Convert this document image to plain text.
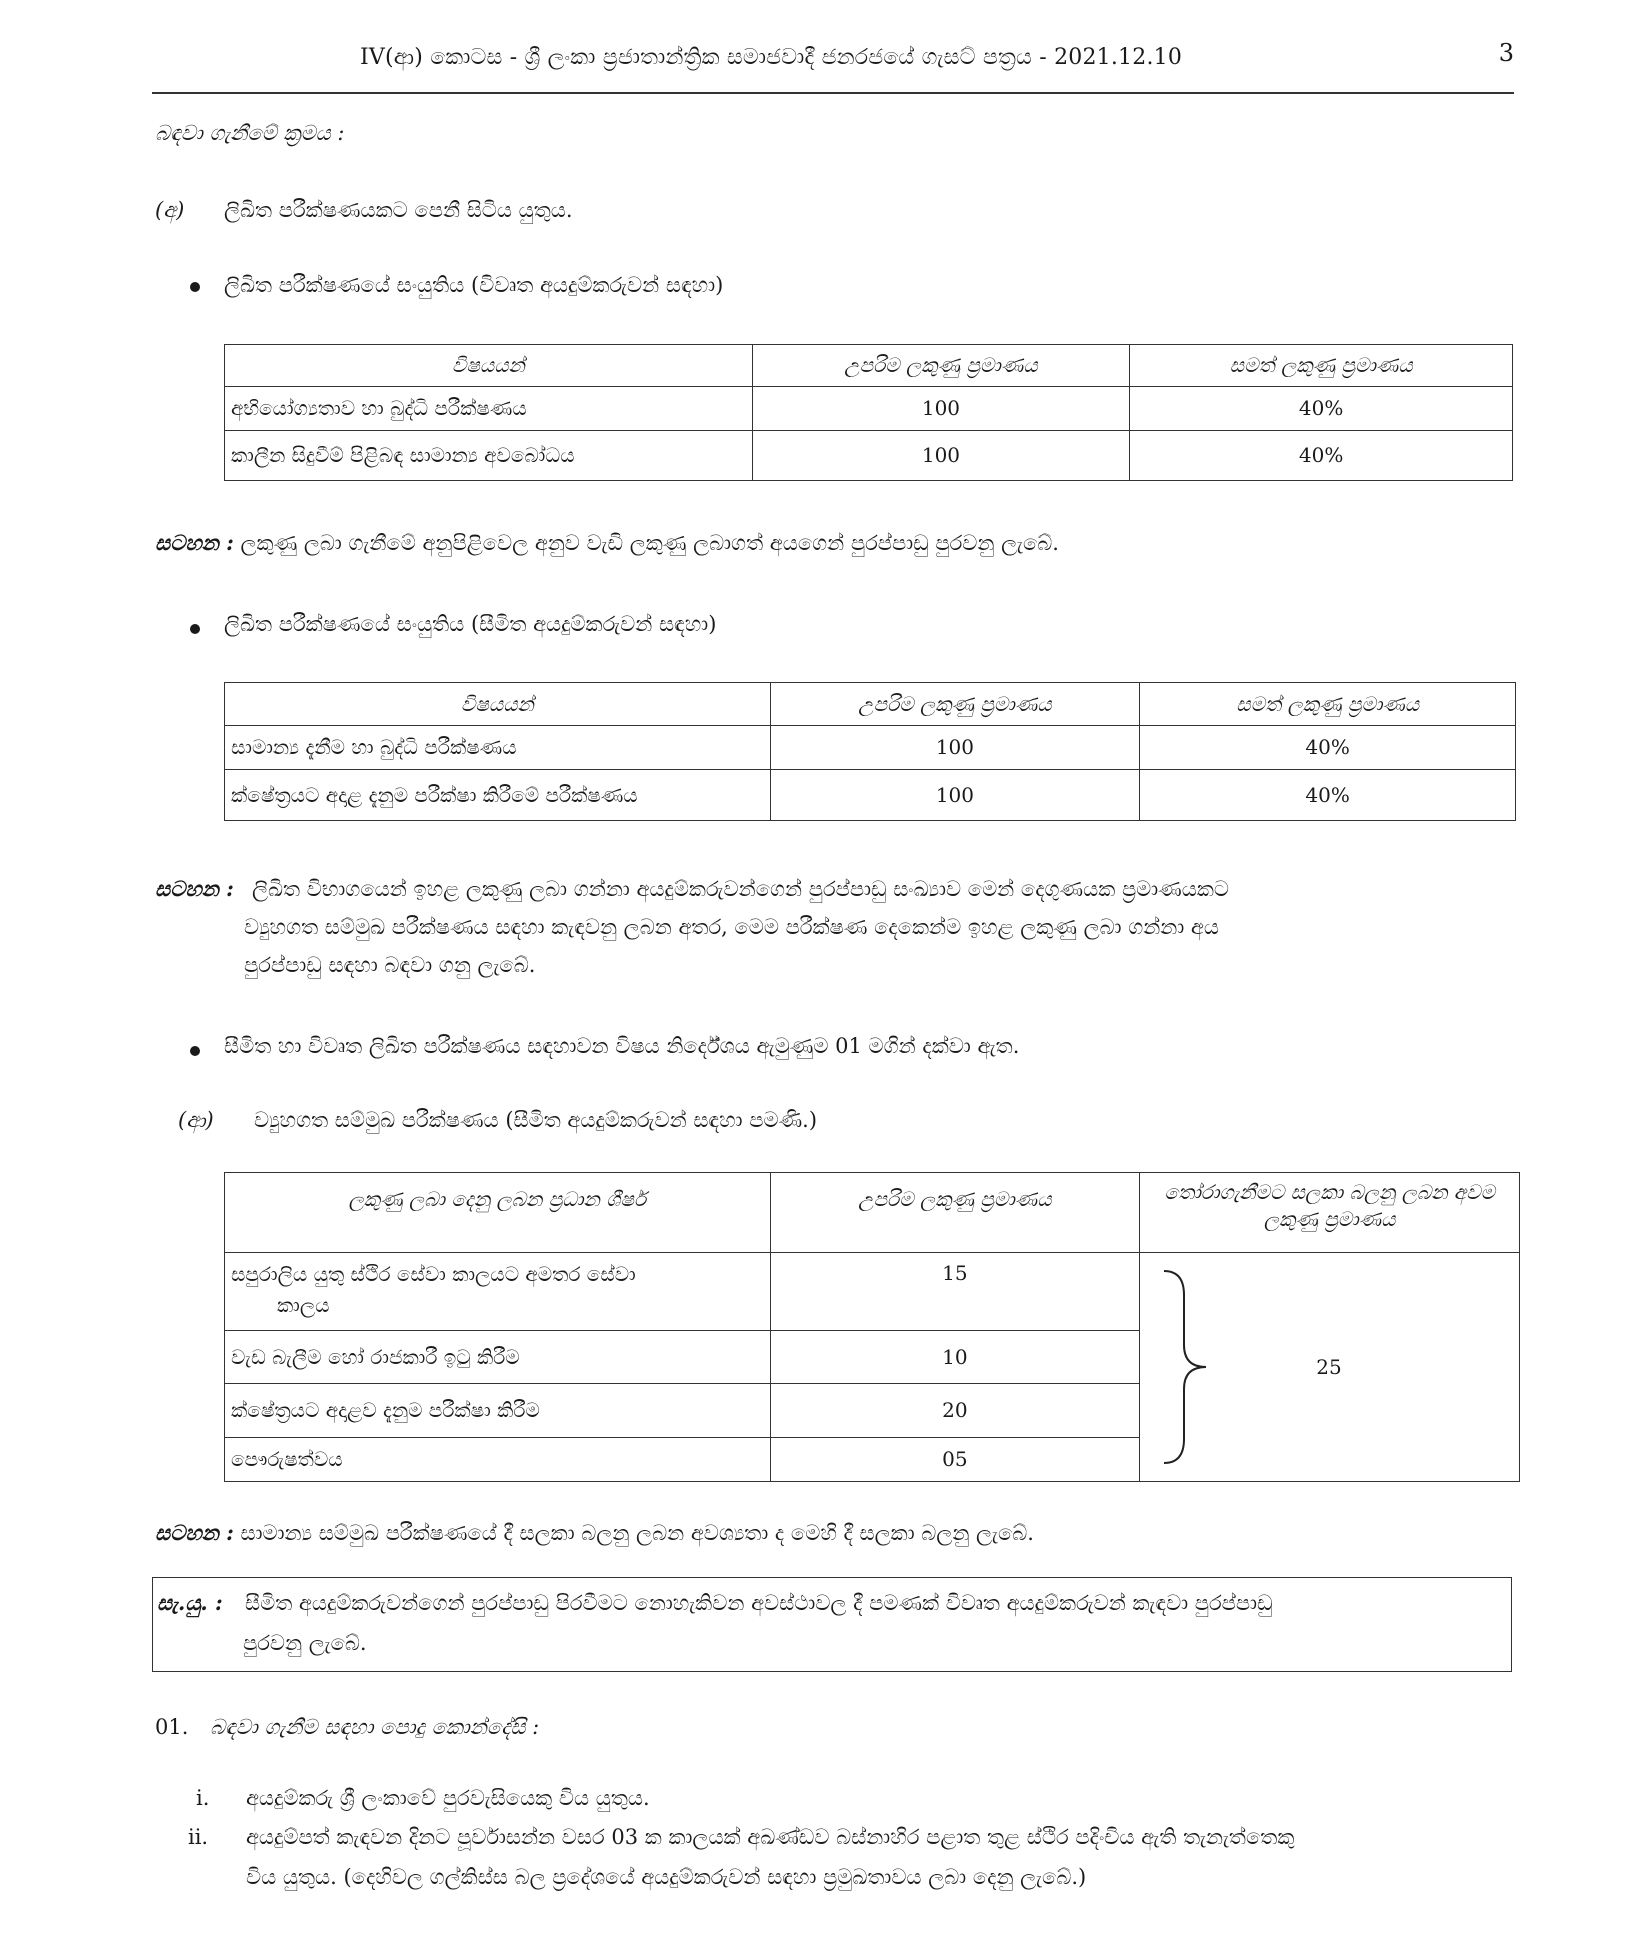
IV(ආ) කොටස - ශ්‍රී ලංකා ප්‍රජාතාන්ත්‍රික සමාජවාදී ජනරජයේ ගැසට් පත්‍රය - 2021.12.10	3
බඳවා ගැනීමේ ක්‍රමය :
(අ) ලිඛිත පරීක්ෂණයකට පෙනී සිටිය යුතුය.
ලිඛිත පරීක්ෂණයේ සංයුතිය (විවෘත අයදුම්කරුවන් සඳහා)
විෂයයන්	උපරිම ලකුණු ප්‍රමාණය	සමත් ලකුණු ප්‍රමාණය
අභියෝග්‍යතාව හා බුද්ධි පරීක්ෂණය	100	40%
කාලීන සිදුවීම් පිළිබඳ සාමාන්‍ය අවබෝධය	100	40%
සටහන : ලකුණු ලබා ගැනීමේ අනුපිළිවෙල අනුව වැඩි ලකුණු ලබාගත් අයගෙන් පුරප්පාඩු පුරවනු ලැබේ.
ලිඛිත පරීක්ෂණයේ සංයුතිය (සීමිත අයදුම්කරුවන් සඳහා)
විෂයයන්	උපරිම ලකුණු ප්‍රමාණය	සමත් ලකුණු ප්‍රමාණය
සාමාන්‍ය දැනීම හා බුද්ධි පරීක්ෂණය	100	40%
ක්ෂේත්‍රයට අදාළ දැනුම පරීක්ෂා කිරීමේ පරීක්ෂණය	100	40%
සටහන : ලිඛිත විභාගයෙන් ඉහළ ලකුණු ලබා ගන්නා අයදුම්කරුවන්ගෙන් පුරප්පාඩු සංඛ්‍යාව මෙන් දෙගුණයක ප්‍රමාණයකට
ව්‍යුහගත සම්මුඛ පරීක්ෂණය සඳහා කැඳවනු ලබන අතර, මෙම පරීක්ෂණ දෙකෙන්ම ඉහළ ලකුණු ලබා ගන්නා අය
පුරප්පාඩු සඳහා බඳවා ගනු ලැබේ.
සීමිත හා විවෘත ලිඛිත පරීක්ෂණය සඳහාවන විෂය නිර්දේශය ඇමුණුම 01 මගින් දක්වා ඇත.
(ආ) ව්‍යුහගත සම්මුඛ පරීක්ෂණය (සීමිත අයදුම්කරුවන් සඳහා පමණි.)
ලකුණු ලබා දෙනු ලබන ප්‍රධාන ශීර්ෂ	උපරිම ලකුණු ප්‍රමාණය	තෝරාගැනීමට සලකා බලනු ලබන අවම ලකුණු ප්‍රමාණය

සපුරාලිය යුතු ස්ථිර සේවා කාලයට අමතර සේවා
කාලය	15	25

වැඩ බැලීම හෝ රාජකාරී ඉටු කිරීම	10	
ක්ෂේත්‍රයට අදාළව දැනුම පරීක්ෂා කිරීම	20	
පෞරුෂත්වය	05	
සටහන : සාමාන්‍ය සම්මුඛ පරීක්ෂණයේ දී සලකා බලනු ලබන අවශ්‍යතා ද මෙහි දී සලකා බලනු ලැබේ.
සැ.යු. : සීමිත අයදුම්කරුවන්ගෙන් පුරප්පාඩු පිරවීමට නොහැකිවන අවස්ථාවල දී පමණක් විවෘත අයදුම්කරුවන් කැඳවා පුරප්පාඩු
පුරවනු ලැබේ.
01. බඳවා ගැනීම සඳහා පොදු කොන්දේසි :
i. අයදුම්කරු ශ්‍රී ලංකාවේ පුරවැසියෙකු විය යුතුය.
ii. අයදුම්පත් කැඳවන දිනට පූර්වාසන්න වසර 03 ක කාලයක් අඛණ්ඩව බස්නාහිර පළාත තුළ ස්ථිර පදිංචිය ඇති තැනැත්තෙකු
විය යුතුය. (දෙහිවල ගල්කිස්ස බල ප්‍රදේශයේ අයදුම්කරුවන් සඳහා ප්‍රමුඛතාවය ලබා දෙනු ලැබේ.)
